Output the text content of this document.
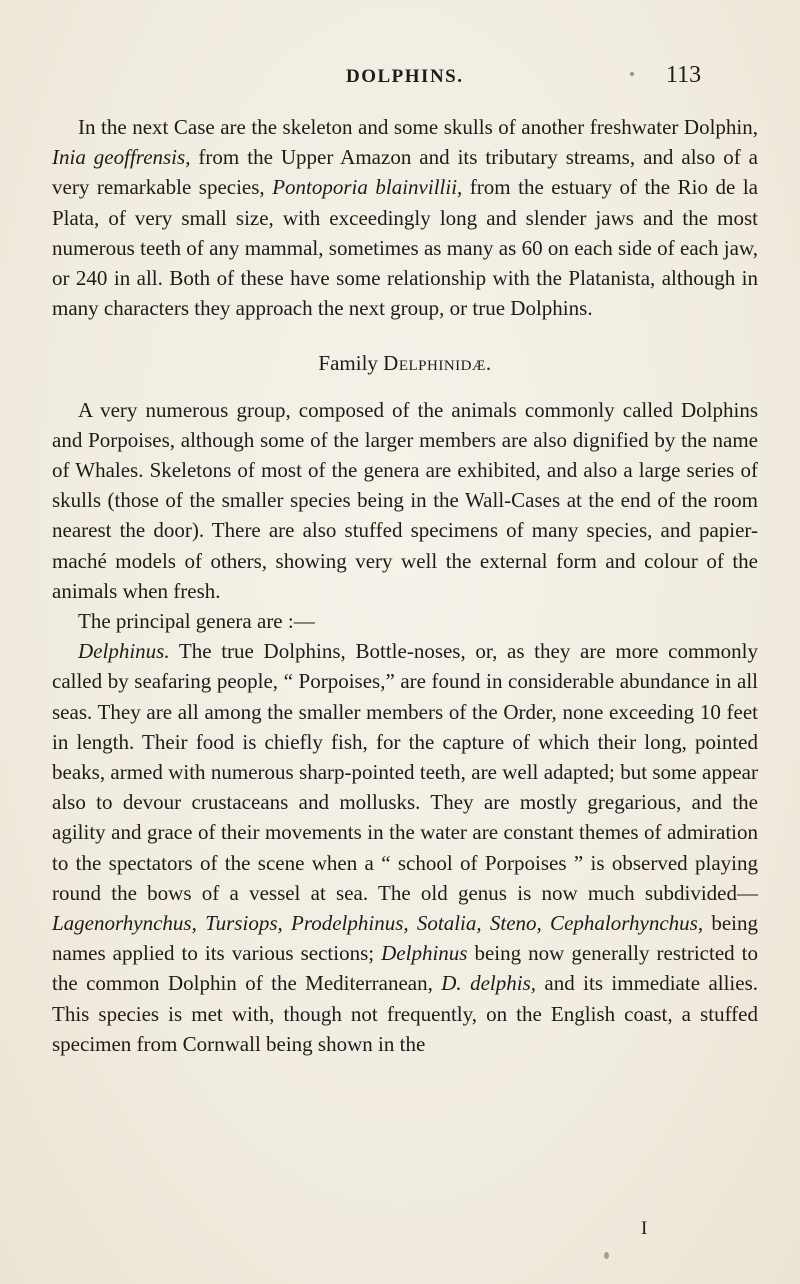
DOLPHINS.	113

In the next Case are the skeleton and some skulls of another freshwater Dolphin, Inia geoffrensis, from the Upper Amazon and its tributary streams, and also of a very remarkable species, Pontoporia blainvillii, from the estuary of the Rio de la Plata, of very small size, with exceedingly long and slender jaws and the most numerous teeth of any mammal, sometimes as many as 60 on each side of each jaw, or 240 in all. Both of these have some relationship with the Platanista, although in many characters they approach the next group, or true Dolphins.

Family Delphinidæ.

A very numerous group, composed of the animals commonly called Dolphins and Porpoises, although some of the larger members are also dignified by the name of Whales. Skeletons of most of the genera are exhibited, and also a large series of skulls (those of the smaller species being in the Wall-Cases at the end of the room nearest the door). There are also stuffed specimens of many species, and papier-maché models of others, showing very well the external form and colour of the animals when fresh.

The principal genera are :—

Delphinus. The true Dolphins, Bottle-noses, or, as they are more commonly called by seafaring people, “ Porpoises,” are found in considerable abundance in all seas. They are all among the smaller members of the Order, none exceeding 10 feet in length. Their food is chiefly fish, for the capture of which their long, pointed beaks, armed with numerous sharp-pointed teeth, are well adapted; but some appear also to devour crustaceans and mollusks. They are mostly gregarious, and the agility and grace of their movements in the water are constant themes of admiration to the spectators of the scene when a “ school of Porpoises ” is observed playing round the bows of a vessel at sea. The old genus is now much subdivided—Lagenorhynchus, Tursiops, Prodelphinus, Sotalia, Steno, Cephalorhynchus, being names applied to its various sections; Delphinus being now generally restricted to the common Dolphin of the Mediterranean, D. delphis, and its immediate allies. This species is met with, though not frequently, on the English coast, a stuffed specimen from Cornwall being shown in the

I
